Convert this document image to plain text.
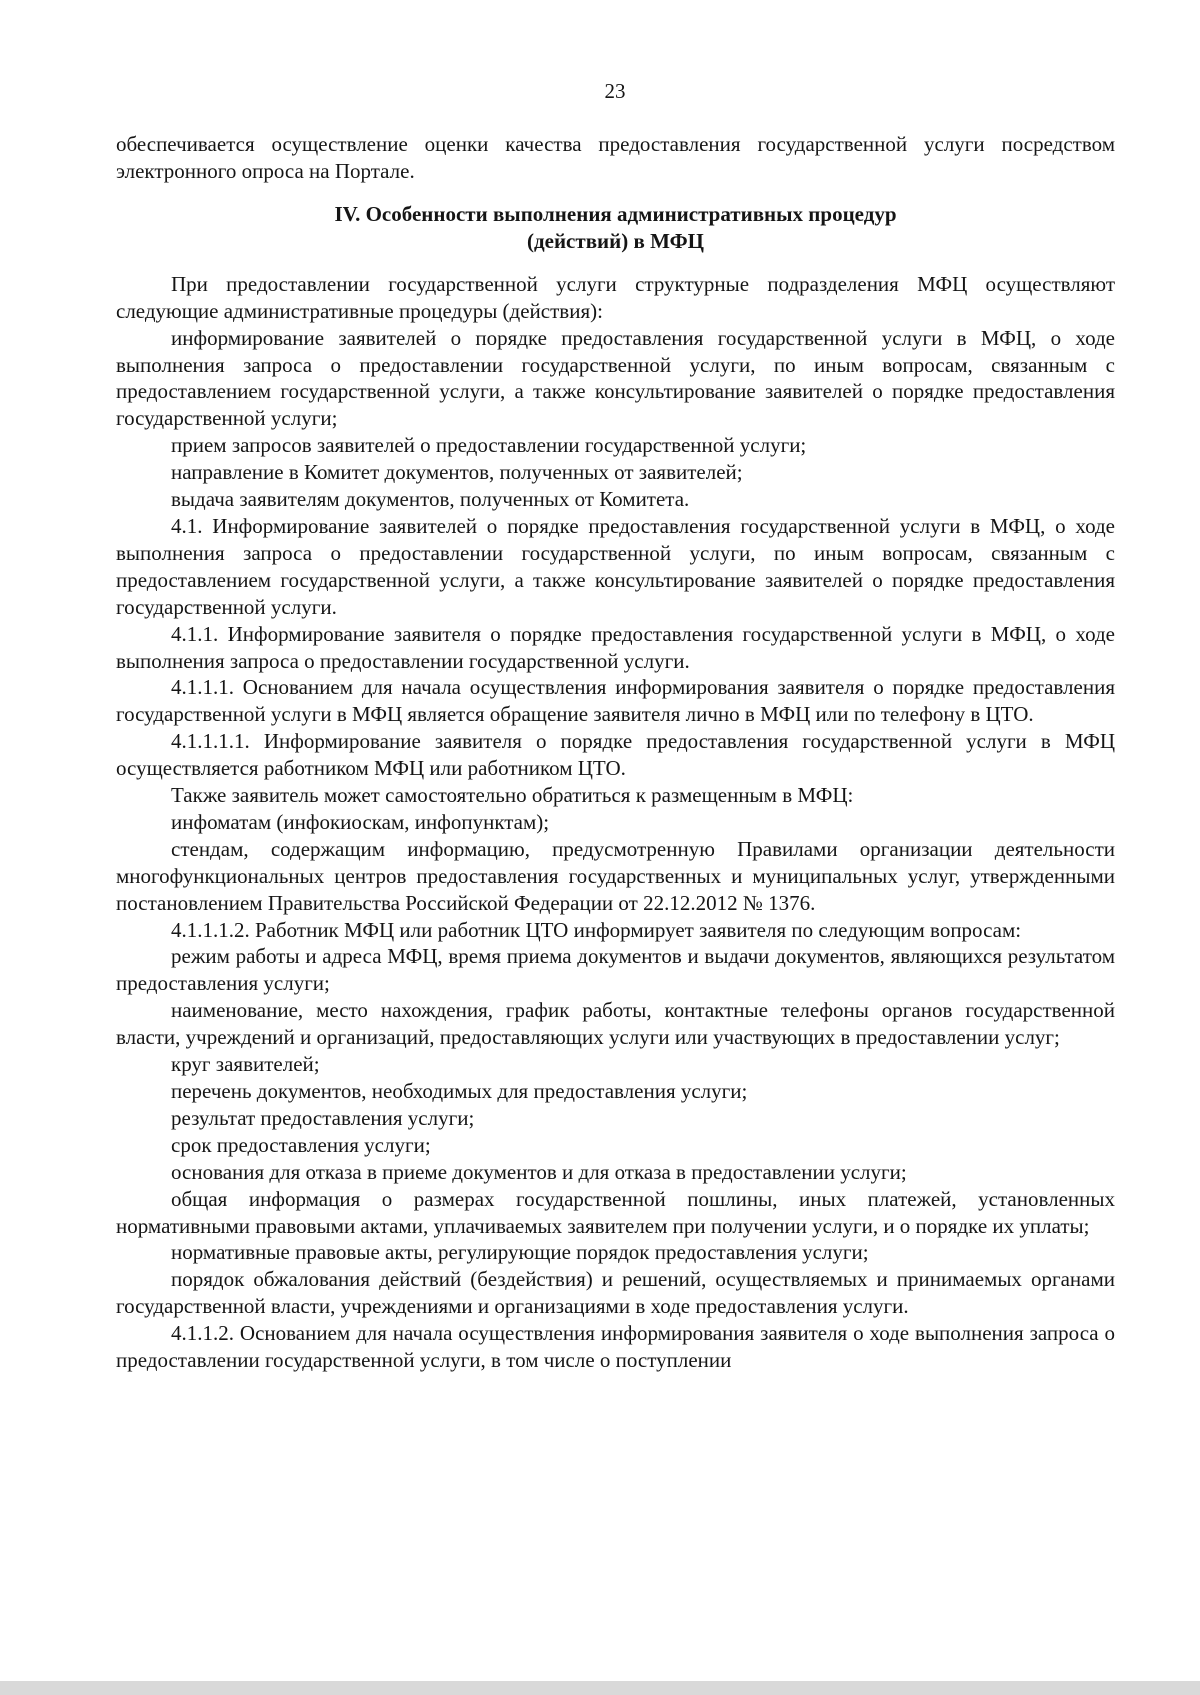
23

обеспечивается осуществление оценки качества предоставления государственной услуги посредством электронного опроса на Портале.

IV. Особенности выполнения административных процедур
(действий) в МФЦ

При предоставлении государственной услуги структурные подразделения МФЦ осуществляют следующие административные процедуры (действия):

информирование заявителей о порядке предоставления государственной услуги в МФЦ, о ходе выполнения запроса о предоставлении государственной услуги, по иным вопросам, связанным с предоставлением государственной услуги, а также консультирование заявителей о порядке предоставления государственной услуги;

прием запросов заявителей о предоставлении государственной услуги;

направление в Комитет документов, полученных от заявителей;

выдача заявителям документов, полученных от Комитета.

4.1. Информирование заявителей о порядке предоставления государственной услуги в МФЦ, о ходе выполнения запроса о предоставлении государственной услуги, по иным вопросам, связанным с предоставлением государственной услуги, а также консультирование заявителей о порядке предоставления государственной услуги.

4.1.1. Информирование заявителя о порядке предоставления государственной услуги в МФЦ, о ходе выполнения запроса о предоставлении государственной услуги.

4.1.1.1. Основанием для начала осуществления информирования заявителя о порядке предоставления государственной услуги в МФЦ является обращение заявителя лично в МФЦ или по телефону в ЦТО.

4.1.1.1.1. Информирование заявителя о порядке предоставления государственной услуги в МФЦ осуществляется работником МФЦ или работником ЦТО.

Также заявитель может самостоятельно обратиться к размещенным в МФЦ:

инфоматам (инфокиоскам, инфопунктам);

стендам, содержащим информацию, предусмотренную Правилами организации деятельности многофункциональных центров предоставления государственных и муниципальных услуг, утвержденными постановлением Правительства Российской Федерации от 22.12.2012 № 1376.

4.1.1.1.2. Работник МФЦ или работник ЦТО информирует заявителя по следующим вопросам:

режим работы и адреса МФЦ, время приема документов и выдачи документов, являющихся результатом предоставления услуги;

наименование, место нахождения, график работы, контактные телефоны органов государственной власти, учреждений и организаций, предоставляющих услуги или участвующих в предоставлении услуг;

круг заявителей;

перечень документов, необходимых для предоставления услуги;

результат предоставления услуги;

срок предоставления услуги;

основания для отказа в приеме документов и для отказа в предоставлении услуги;

общая информация о размерах государственной пошлины, иных платежей, установленных нормативными правовыми актами, уплачиваемых заявителем при получении услуги, и о порядке их уплаты;

нормативные правовые акты, регулирующие порядок предоставления услуги;

порядок обжалования действий (бездействия) и решений, осуществляемых и принимаемых органами государственной власти, учреждениями и организациями в ходе предоставления услуги.

4.1.1.2. Основанием для начала осуществления информирования заявителя о ходе выполнения запроса о предоставлении государственной услуги, в том числе о поступлении
